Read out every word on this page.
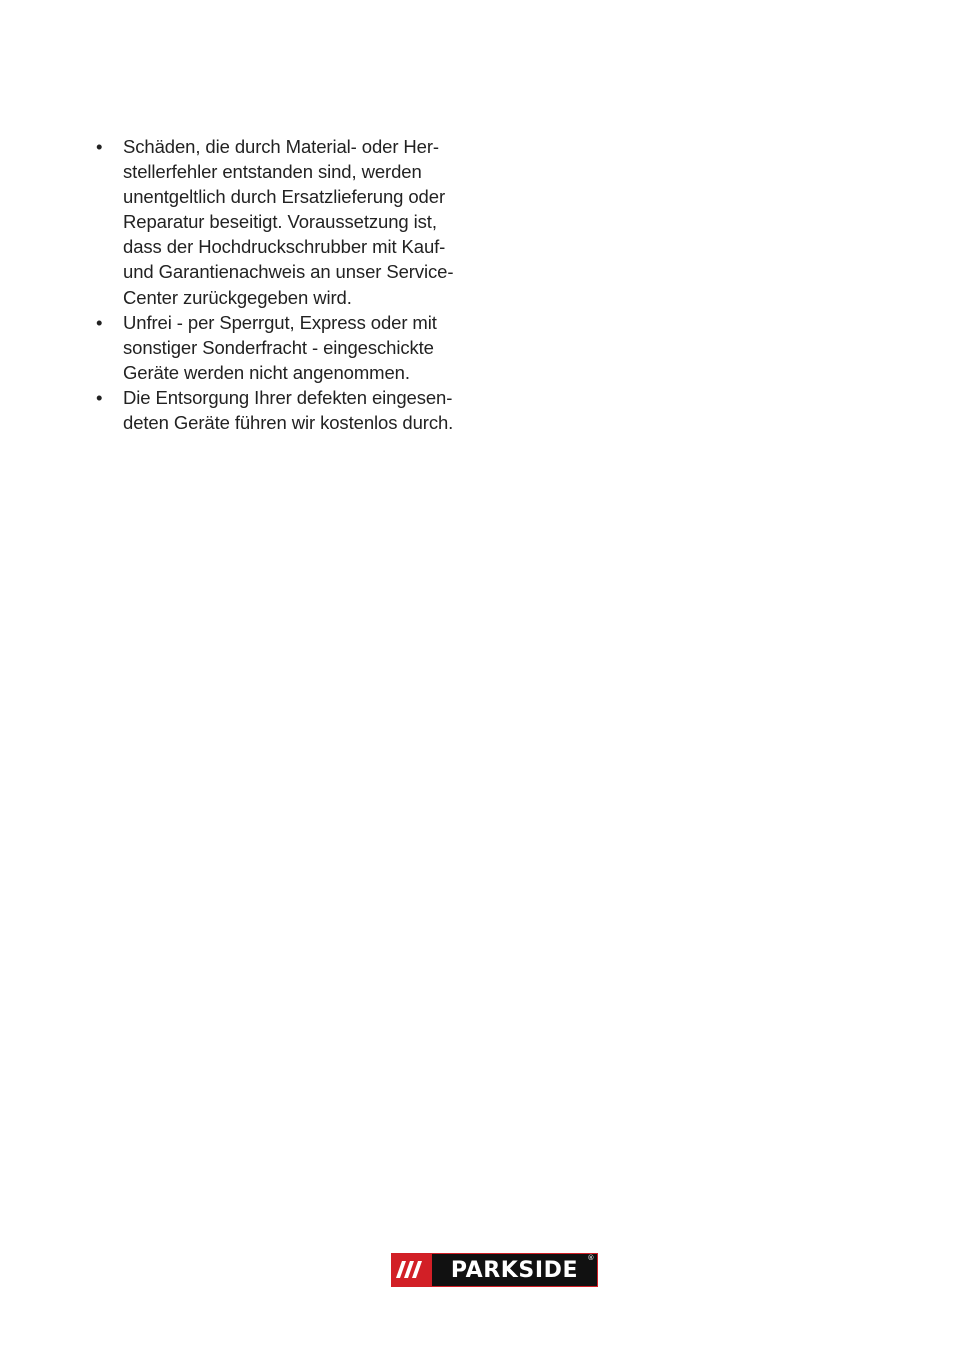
•	Schäden, die durch Material- oder Her-
stellerfehler entstanden sind, werden
unentgeltlich durch Ersatzlieferung oder
Reparatur beseitigt. Voraussetzung ist,
dass der Hochdruckschrubber mit Kauf-
und Garantienachweis an unser Service-
Center zurückgegeben wird.
•	Unfrei - per Sperrgut, Express oder mit
sonstiger Sonderfracht - eingeschickte
Geräte werden nicht angenommen.
•	Die Entsorgung Ihrer defekten eingesen-
deten Geräte führen wir kostenlos durch.
PARKSIDE ®
